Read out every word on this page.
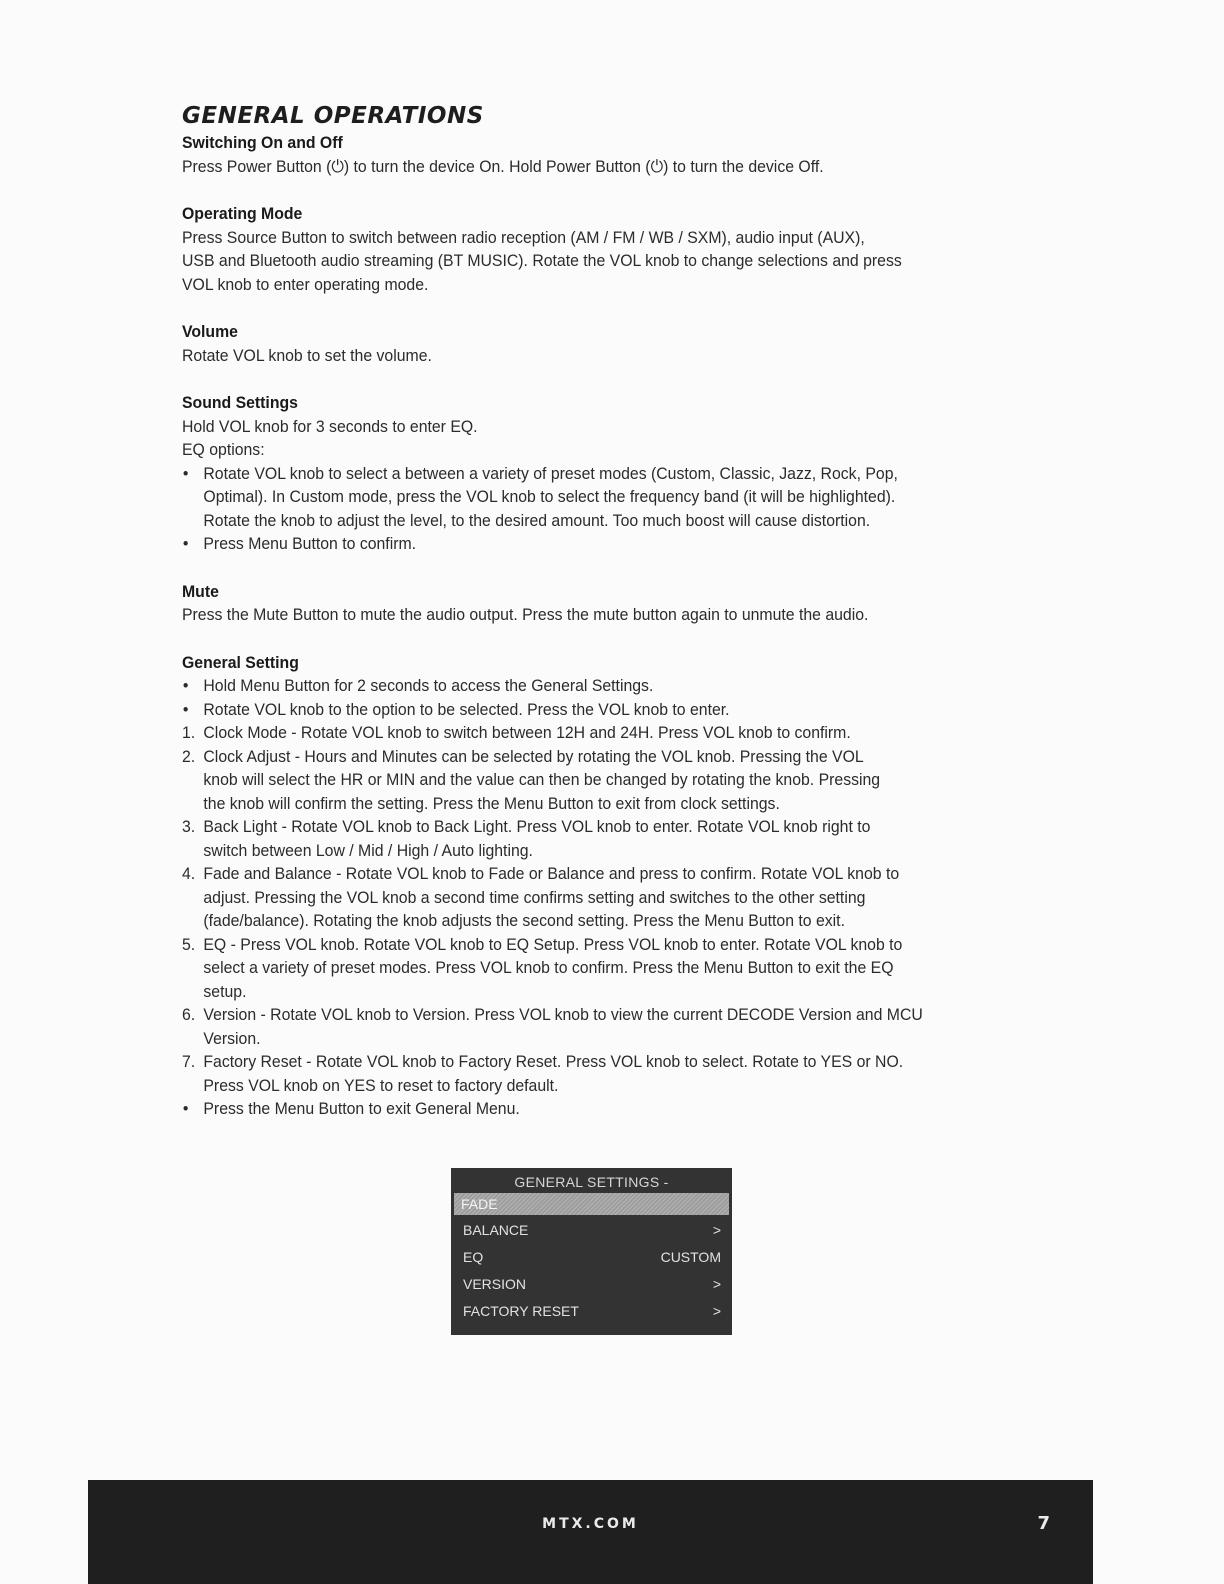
GENERAL OPERATIONS
Switching On and Off

Press Power Button (⏻) to turn the device On. Hold Power Button (⏻) to turn the device Off.

Operating Mode

Press Source Button to switch between radio reception (AM / FM / WB / SXM), audio input (AUX),

USB and Bluetooth audio streaming (BT MUSIC). Rotate the VOL knob to change selections and press

VOL knob to enter operating mode.

Volume

Rotate VOL knob to set the volume.

Sound Settings

Hold VOL knob for 3 seconds to enter EQ.

EQ options:

• Rotate VOL knob to select a between a variety of preset modes (Custom, Classic, Jazz, Rock, Pop,
Optimal). In Custom mode, press the VOL knob to select the frequency band (it will be highlighted).
Rotate the knob to adjust the level, to the desired amount. Too much boost will cause distortion.
• Press Menu Button to confirm.
Mute

Press the Mute Button to mute the audio output. Press the mute button again to unmute the audio.

General Setting
• Hold Menu Button for 2 seconds to access the General Settings.
• Rotate VOL knob to the option to be selected. Press the VOL knob to enter.
1. Clock Mode - Rotate VOL knob to switch between 12H and 24H. Press VOL knob to confirm.
2. Clock Adjust - Hours and Minutes can be selected by rotating the VOL knob. Pressing the VOL
knob will select the HR or MIN and the value can then be changed by rotating the knob. Pressing
the knob will confirm the setting. Press the Menu Button to exit from clock settings.
3. Back Light - Rotate VOL knob to Back Light. Press VOL knob to enter. Rotate VOL knob right to
switch between Low / Mid / High / Auto lighting.
4. Fade and Balance - Rotate VOL knob to Fade or Balance and press to confirm. Rotate VOL knob to
adjust. Pressing the VOL knob a second time confirms setting and switches to the other setting
(fade/balance). Rotating the knob adjusts the second setting. Press the Menu Button to exit.
5. EQ - Press VOL knob. Rotate VOL knob to EQ Setup. Press VOL knob to enter. Rotate VOL knob to
select a variety of preset modes. Press VOL knob to confirm. Press the Menu Button to exit the EQ
setup.
6. Version - Rotate VOL knob to Version. Press VOL knob to view the current DECODE Version and MCU
Version.
7. Factory Reset - Rotate VOL knob to Factory Reset. Press VOL knob to select. Rotate to YES or NO.
Press VOL knob on YES to reset to factory default.
• Press the Menu Button to exit General Menu.
GENERAL SETTINGS -
FADE
BALANCE	>
EQ	CUSTOM
VERSION	>
FACTORY RESET	>
MTX.COM	7
